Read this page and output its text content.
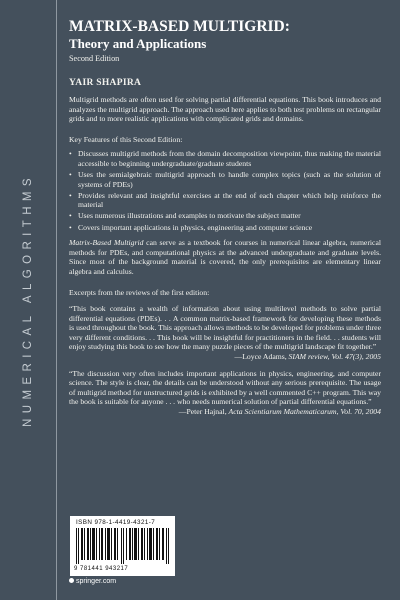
NUMERICAL ALGORITHMS
MATRIX-BASED MULTIGRID:
Theory and Applications
Second Edition
YAIR SHAPIRA

Multigrid methods are often used for solving partial differential equations. This book introduces and analyzes the multigrid approach. The approach used here applies to both test problems on rectangular grids and to more realistic applications with complicated grids and domains.

Key Features of this Second Edition:

• Discusses multigrid methods from the domain decomposition viewpoint, thus making the material accessible to beginning undergraduate/graduate students
• Uses the semialgebraic multigrid approach to handle complex topics (such as the solution of systems of PDEs)
• Provides relevant and insightful exercises at the end of each chapter which help reinforce the material
• Uses numerous illustrations and examples to motivate the subject matter
• Covers important applications in physics, engineering and computer science

Matrix-Based Multigrid can serve as a textbook for courses in numerical linear algebra, numerical methods for PDEs, and computational physics at the advanced undergraduate and graduate levels. Since most of the background material is covered, the only prerequisites are elementary linear algebra and calculus.

Excerpts from the reviews of the first edition:

“This book contains a wealth of information about using multilevel methods to solve partial differential equations (PDEs). . . A common matrix-based framework for developing these methods is used throughout the book. This approach allows methods to be developed for problems under three very different conditions. . . This book will be insightful for practitioners in the field. . . students will enjoy studying this book to see how the many puzzle pieces of the multigrid landscape fit together.”

—Loyce Adams, SIAM review, Vol. 47(3), 2005

“The discussion very often includes important applications in physics, engineering, and computer science. The style is clear, the details can be understood without any serious prerequisite. The usage of multigrid method for unstructured grids is exhibited by a well commented C++ program. This way the book is suitable for anyone . . . who needs numerical solution of partial differential equations.”

—Peter Hajnal, Acta Scientiarum Mathematicarum, Vol. 70, 2004
ISBN 978-1-4419-4321-7
9 781441 943217
springer.com
